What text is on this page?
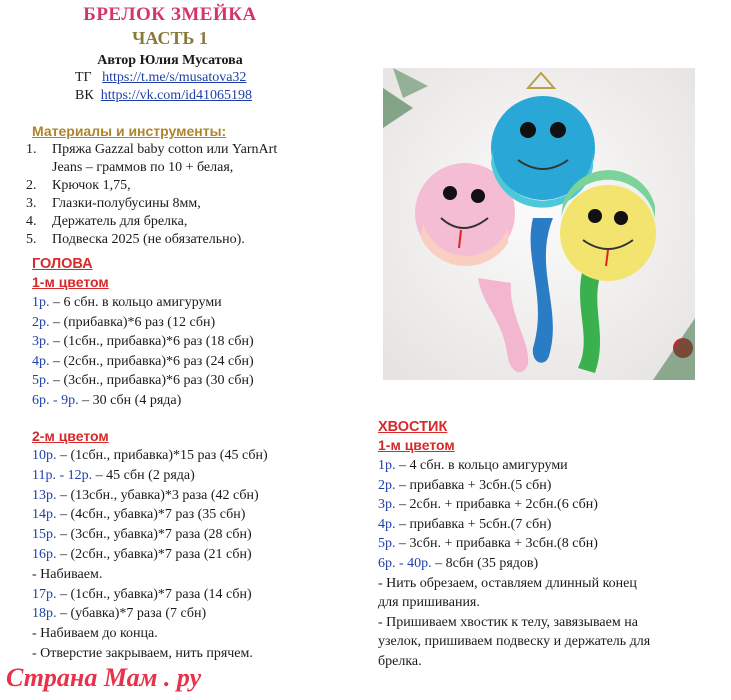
БРЕЛОК ЗМЕЙКА
ЧАСТЬ 1
Автор Юлия Мусатова
ТГ https://t.me/s/musatova32
ВК https://vk.com/id41065198
Материалы и инструменты:
1. Пряжа Gazzal baby cotton или YarnArt
Jeans – граммов по 10 + белая,
2. Крючок 1,75,
3. Глазки-полубусины 8мм,
4. Держатель для брелка,
5. Подвеска 2025 (не обязательно).
ГОЛОВА
1-м цветом
1р. – 6 сбн. в кольцо амигуруми
2р. – (прибавка)*6 раз (12 сбн)
3р. – (1сбн., прибавка)*6 раз (18 сбн)
4р. – (2сбн., прибавка)*6 раз (24 сбн)
5р. – (3сбн., прибавка)*6 раз (30 сбн)
6р. - 9р. – 30 сбн (4 ряда)
2-м цветом
10р. – (1сбн., прибавка)*15 раз (45 сбн)
11р. - 12р. – 45 сбн (2 ряда)
13р. – (13сбн., убавка)*3 раза (42 сбн)
14р. – (4сбн., убавка)*7 раз (35 сбн)
15р. – (3сбн., убавка)*7 раза (28 сбн)
16р. – (2сбн., убавка)*7 раза (21 сбн)
- Набиваем.
17р. – (1сбн., убавка)*7 раза (14 сбн)
18р. – (убавка)*7 раза (7 сбн)
- Набиваем до конца.
- Отверстие закрываем, нить прячем.
ХВОСТИК
1-м цветом
1р. – 4 сбн. в кольцо амигуруми
2р. – прибавка + 3сбн.(5 сбн)
3р. – 2сбн. + прибавка + 2сбн.(6 сбн)
4р. – прибавка + 5сбн.(7 сбн)
5р. – 3сбн. + прибавка + 3сбн.(8 сбн)
6р. - 40р. – 8сбн (35 рядов)
- Нить обрезаем, оставляем длинный конец
для пришивания.
- Пришиваем хвостик к телу, завязываем на
узелок, пришиваем подвеску и держатель для
брелка.
Страна Мам . ру
